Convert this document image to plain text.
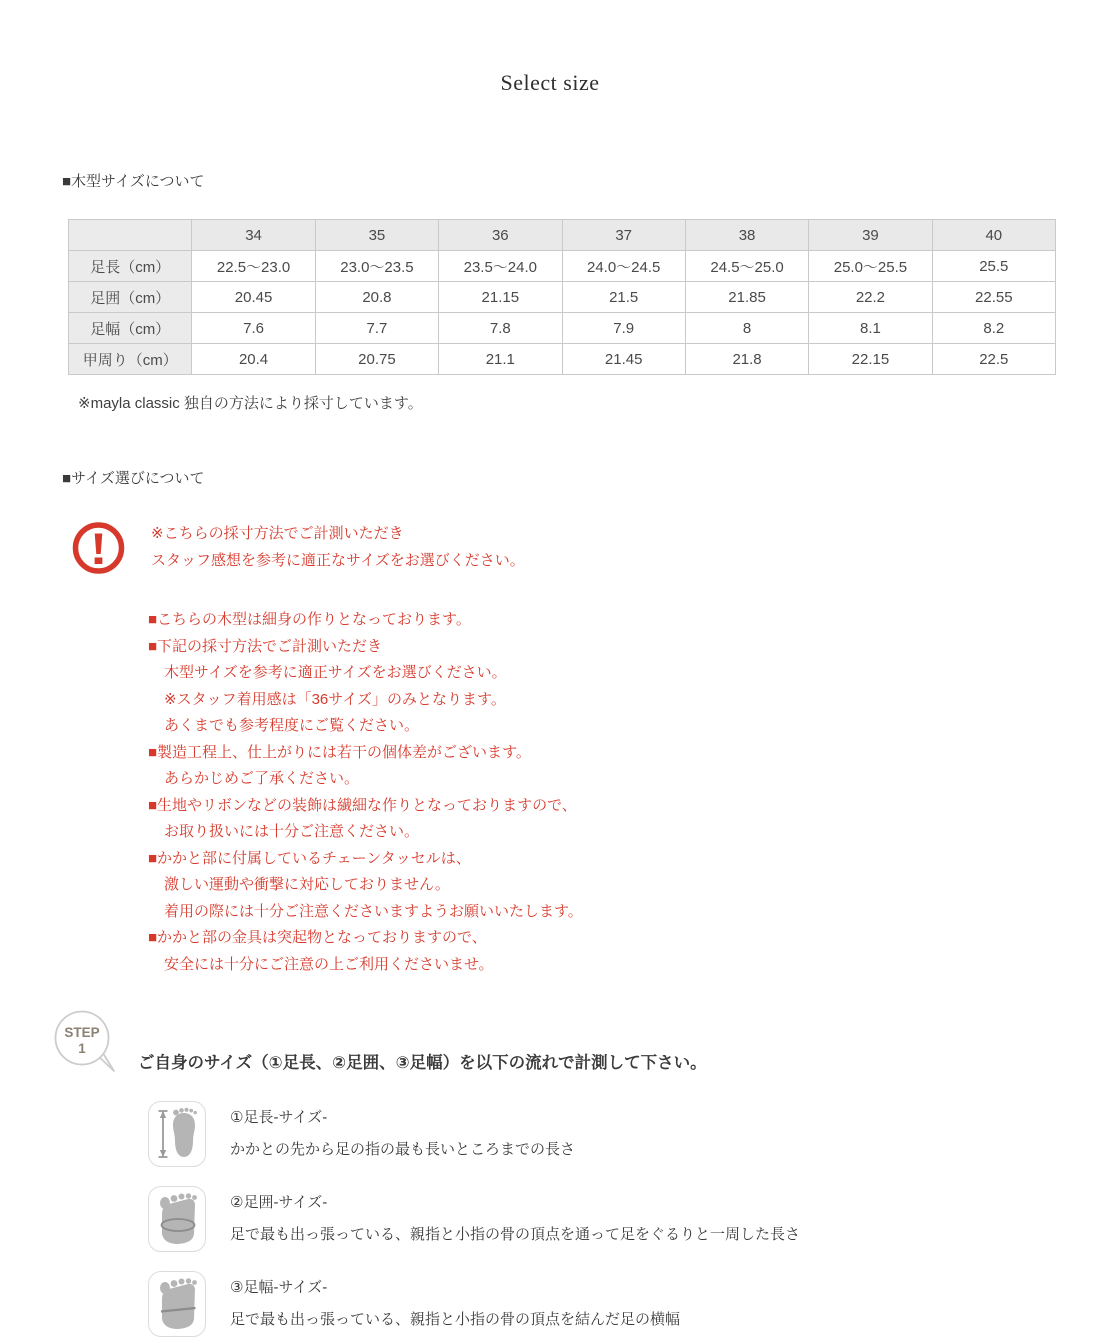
Select size
■木型サイズについて
	34	35	36	37	38	39	40
足長（cm）	22.5～23.0	23.0～23.5	23.5～24.0	24.0～24.5	24.5～25.0	25.0～25.5	25.5
足囲（cm）	20.45	20.8	21.15	21.5	21.85	22.2	22.55
足幅（cm）	7.6	7.7	7.8	7.9	8	8.1	8.2
甲周り（cm）	20.4	20.75	21.1	21.45	21.8	22.15	22.5

※mayla classic 独自の方法により採寸しています。

■サイズ選びについて
※こちらの採寸方法でご計測いただき
スタッフ感想を参考に適正なサイズをお選びください。
■こちらの木型は細身の作りとなっております。
■下記の採寸方法でご計測いただき
木型サイズを参考に適正サイズをお選びください。
※スタッフ着用感は「36サイズ」のみとなります。
あくまでも参考程度にご覧ください。
■製造工程上、仕上がりには若干の個体差がございます。
あらかじめご了承ください。
■生地やリボンなどの装飾は繊細な作りとなっておりますので、
お取り扱いには十分ご注意ください。
■かかと部に付属しているチェーンタッセルは、
激しい運動や衝撃に対応しておりません。
着用の際には十分ご注意くださいますようお願いいたします。
■かかと部の金具は突起物となっておりますので、
安全には十分にご注意の上ご利用くださいませ。
STEP
1
ご自身のサイズ（①足長、②足囲、③足幅）を以下の流れで計測して下さい。
①足長-サイズ-
かかとの先から足の指の最も長いところまでの長さ
②足囲-サイズ-
足で最も出っ張っている、親指と小指の骨の頂点を通って足をぐるりと一周した長さ
③足幅-サイズ-
足で最も出っ張っている、親指と小指の骨の頂点を結んだ足の横幅
